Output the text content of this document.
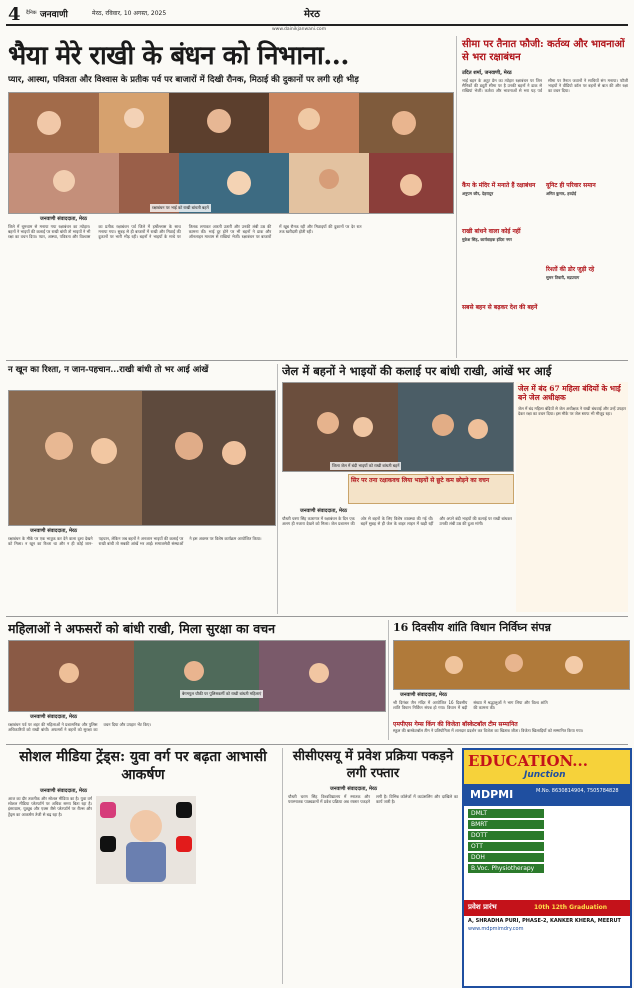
4 दैनिक जनवाणी	मेरठ, रविवार, 10 अगस्त, 2025	मेरठ
www.dainikjanwani.com
भैया मेरे राखी के बंधन को निभाना...
प्यार, आस्था, पवित्रता और विश्वास के प्रतीक पर्व पर बाजारों में दिखी रौनक, मिठाई की दुकानों पर लगी रही भीड़
रक्षाबंधन पर भाई को राखी बांधती बहनें
जनवाणी संवाददाता, मेरठ
जिले में धूमधाम से मनाया गया रक्षाबंधन का त्योहार। बहनों ने भाइयों की कलाई पर राखी बांधी तो भाइयों ने भी रक्षा का वचन दिया। प्यार, आस्था, पवित्रता और विश्वास का प्रतीक रक्षाबंधन पर्व जिले में हर्षोल्लास के साथ मनाया गया। सुबह से ही बाजारों में राखी और मिठाई की दुकानों पर भारी भीड़ रही। बहनों ने भाइयों के माथे पर तिलक लगाकर आरती उतारी और उनकी लंबी उम्र की कामना की। भाई दूर होने पर भी बहनों ने डाक और ऑनलाइन माध्यम से राखियां भेजीं। रक्षाबंधन पर बाजारों में खूब रौनक रही और मिठाइयों की दुकानों पर देर रात तक खरीदारी होती रही।
सीमा पर तैनात फौजी: कर्तव्य और भावनाओं से भरा रक्षाबंधन
उदित शर्मा, जनवाणी, मेरठ
भाई बहन के अटूट प्रेम का त्योहार रक्षाबंधन पर जिन सैनिकों की ड्यूटी सीमा पर है उनकी बहनों ने डाक से राखियां भेजीं। कर्तव्य और भावनाओं से भरा यह पर्व सीमा पर तैनात जवानों ने साथियों संग मनाया। फौजी भाइयों ने वीडियो कॉल पर बहनों से बात की और रक्षा का वचन दिया।
कैंप के मंदिर में मनाते हैं रक्षाबंधन
अनुपम कौर, देहरादून
राखी बांधने वाला कोई नहीं
मुकेश सिंह, कार्यवाहक इंदिरा नगर
सबसे बहन से बढ़कर देश की बहनें
यूनिट ही परिवार समान
अमित कुमार, हरदोई
रिश्तों की डोर जुड़ी रहे
सुमन तिवारी, रुद्रप्रयाग
न खून का रिश्ता, न जान-पहचान...राखी बांधी तो भर आई आंखें
जनवाणी संवाददाता, मेरठ
रक्षाबंधन के मौके पर एक भावुक कर देने वाला दृश्य देखने को मिला। न खून का रिश्ता था और न ही कोई जान-पहचान, लेकिन जब बहनों ने अनजान भाइयों की कलाई पर राखी बांधी तो सबकी आंखें भर आईं। समाजसेवी संस्थाओं ने इस अवसर पर विशेष कार्यक्रम आयोजित किया।
जेल में बहनों ने भाइयों की कलाई पर बांधी राखी, आंखें भर आई
जिला जेल में बंदी भाइयों को राखी बांधती बहनें
सिर पर तना रक्षाकवच लिया भाइयों से छूटे कम छोड़ने का वचन
जनवाणी संवाददाता, मेरठ
चौधरी चरण सिंह कारागार में रक्षाबंधन के दिन एक अलग ही नजारा देखने को मिला। जेल प्रशासन की ओर से बहनों के लिए विशेष व्यवस्था की गई थी। बहनें सुबह से ही जेल के बाहर लाइन में खड़ी रहीं और अपने बंदी भाइयों की कलाई पर राखी बांधकर उनकी लंबी उम्र की दुआ मांगी।
जेल में बंद 67 महिला बंदियों के भाई बने जेल अधीक्षक
जेल में बंद महिला बंदियों से जेल अधीक्षक ने राखी बंधवाई और उन्हें उपहार देकर रक्षा का वचन दिया। इस मौके पर जेल स्टाफ भी मौजूद रहा।
महिलाओं ने अफसरों को बांधी राखी, मिला सुरक्षा का वचन
बेगमपुल चौकी पर पुलिसकर्मी को राखी बांधती महिलाएं
जनवाणी संवाददाता, मेरठ
रक्षाबंधन पर्व पर शहर की महिलाओं ने प्रशासनिक और पुलिस अधिकारियों को राखी बांधी। अफसरों ने बहनों को सुरक्षा का वचन दिया और उपहार भेंट किए।
16 दिवसीय शांति विधान निर्विघ्न संपन्न
जनवाणी संवाददाता, मेरठ
श्री दिगंबर जैन मंदिर में आयोजित 16 दिवसीय शांति विधान निर्विघ्न संपन्न हो गया। विधान में बड़ी संख्या में श्रद्धालुओं ने भाग लिया और विश्व शांति की कामना की।
एमपीएस गेम्स किंग की विजेता बॉस्केटबॉल टीम सम्मानित
स्कूल की बास्केटबॉल टीम ने प्रतियोगिता में शानदार प्रदर्शन कर विजेता का खिताब जीता। विजेता खिलाड़ियों को सम्मानित किया गया।
सोशल मीडिया ट्रेंड्स: युवा वर्ग पर बढ़ता आभासी आकर्षण
जनवाणी संवाददाता, मेरठ
आज का दौर तकनीक और सोशल मीडिया का है। युवा वर्ग सोशल मीडिया प्लेटफॉर्म पर अधिक समय बिता रहा है। इंस्टाग्राम, यूट्यूब और एक्स जैसे प्लेटफॉर्म पर रील्स और ट्रेंड्स का आकर्षण तेजी से बढ़ रहा है।
सीसीएसयू में प्रवेश प्रक्रिया पकड़ने लगी रफ्तार
जनवाणी संवाददाता, मेरठ
चौधरी चरण सिंह विश्वविद्यालय में स्नातक और परास्नातक पाठ्यक्रमों में प्रवेश प्रक्रिया अब रफ्तार पकड़ने लगी है। विभिन्न कॉलेजों में काउंसलिंग और दाखिले का कार्य जारी है।
EDUCATION...
Junction
MDPMI	M.No. 8630814904, 7505784828
DMLT
BMRT
DOTT
OTT
DOH
B.Voc. Physiotherapy
प्रवेश प्रारंभ	10th 12th Graduation
A, SHRADHA PURI, PHASE-2, KANKER KHERA, MEERUT
www.mdpmimdry.com
